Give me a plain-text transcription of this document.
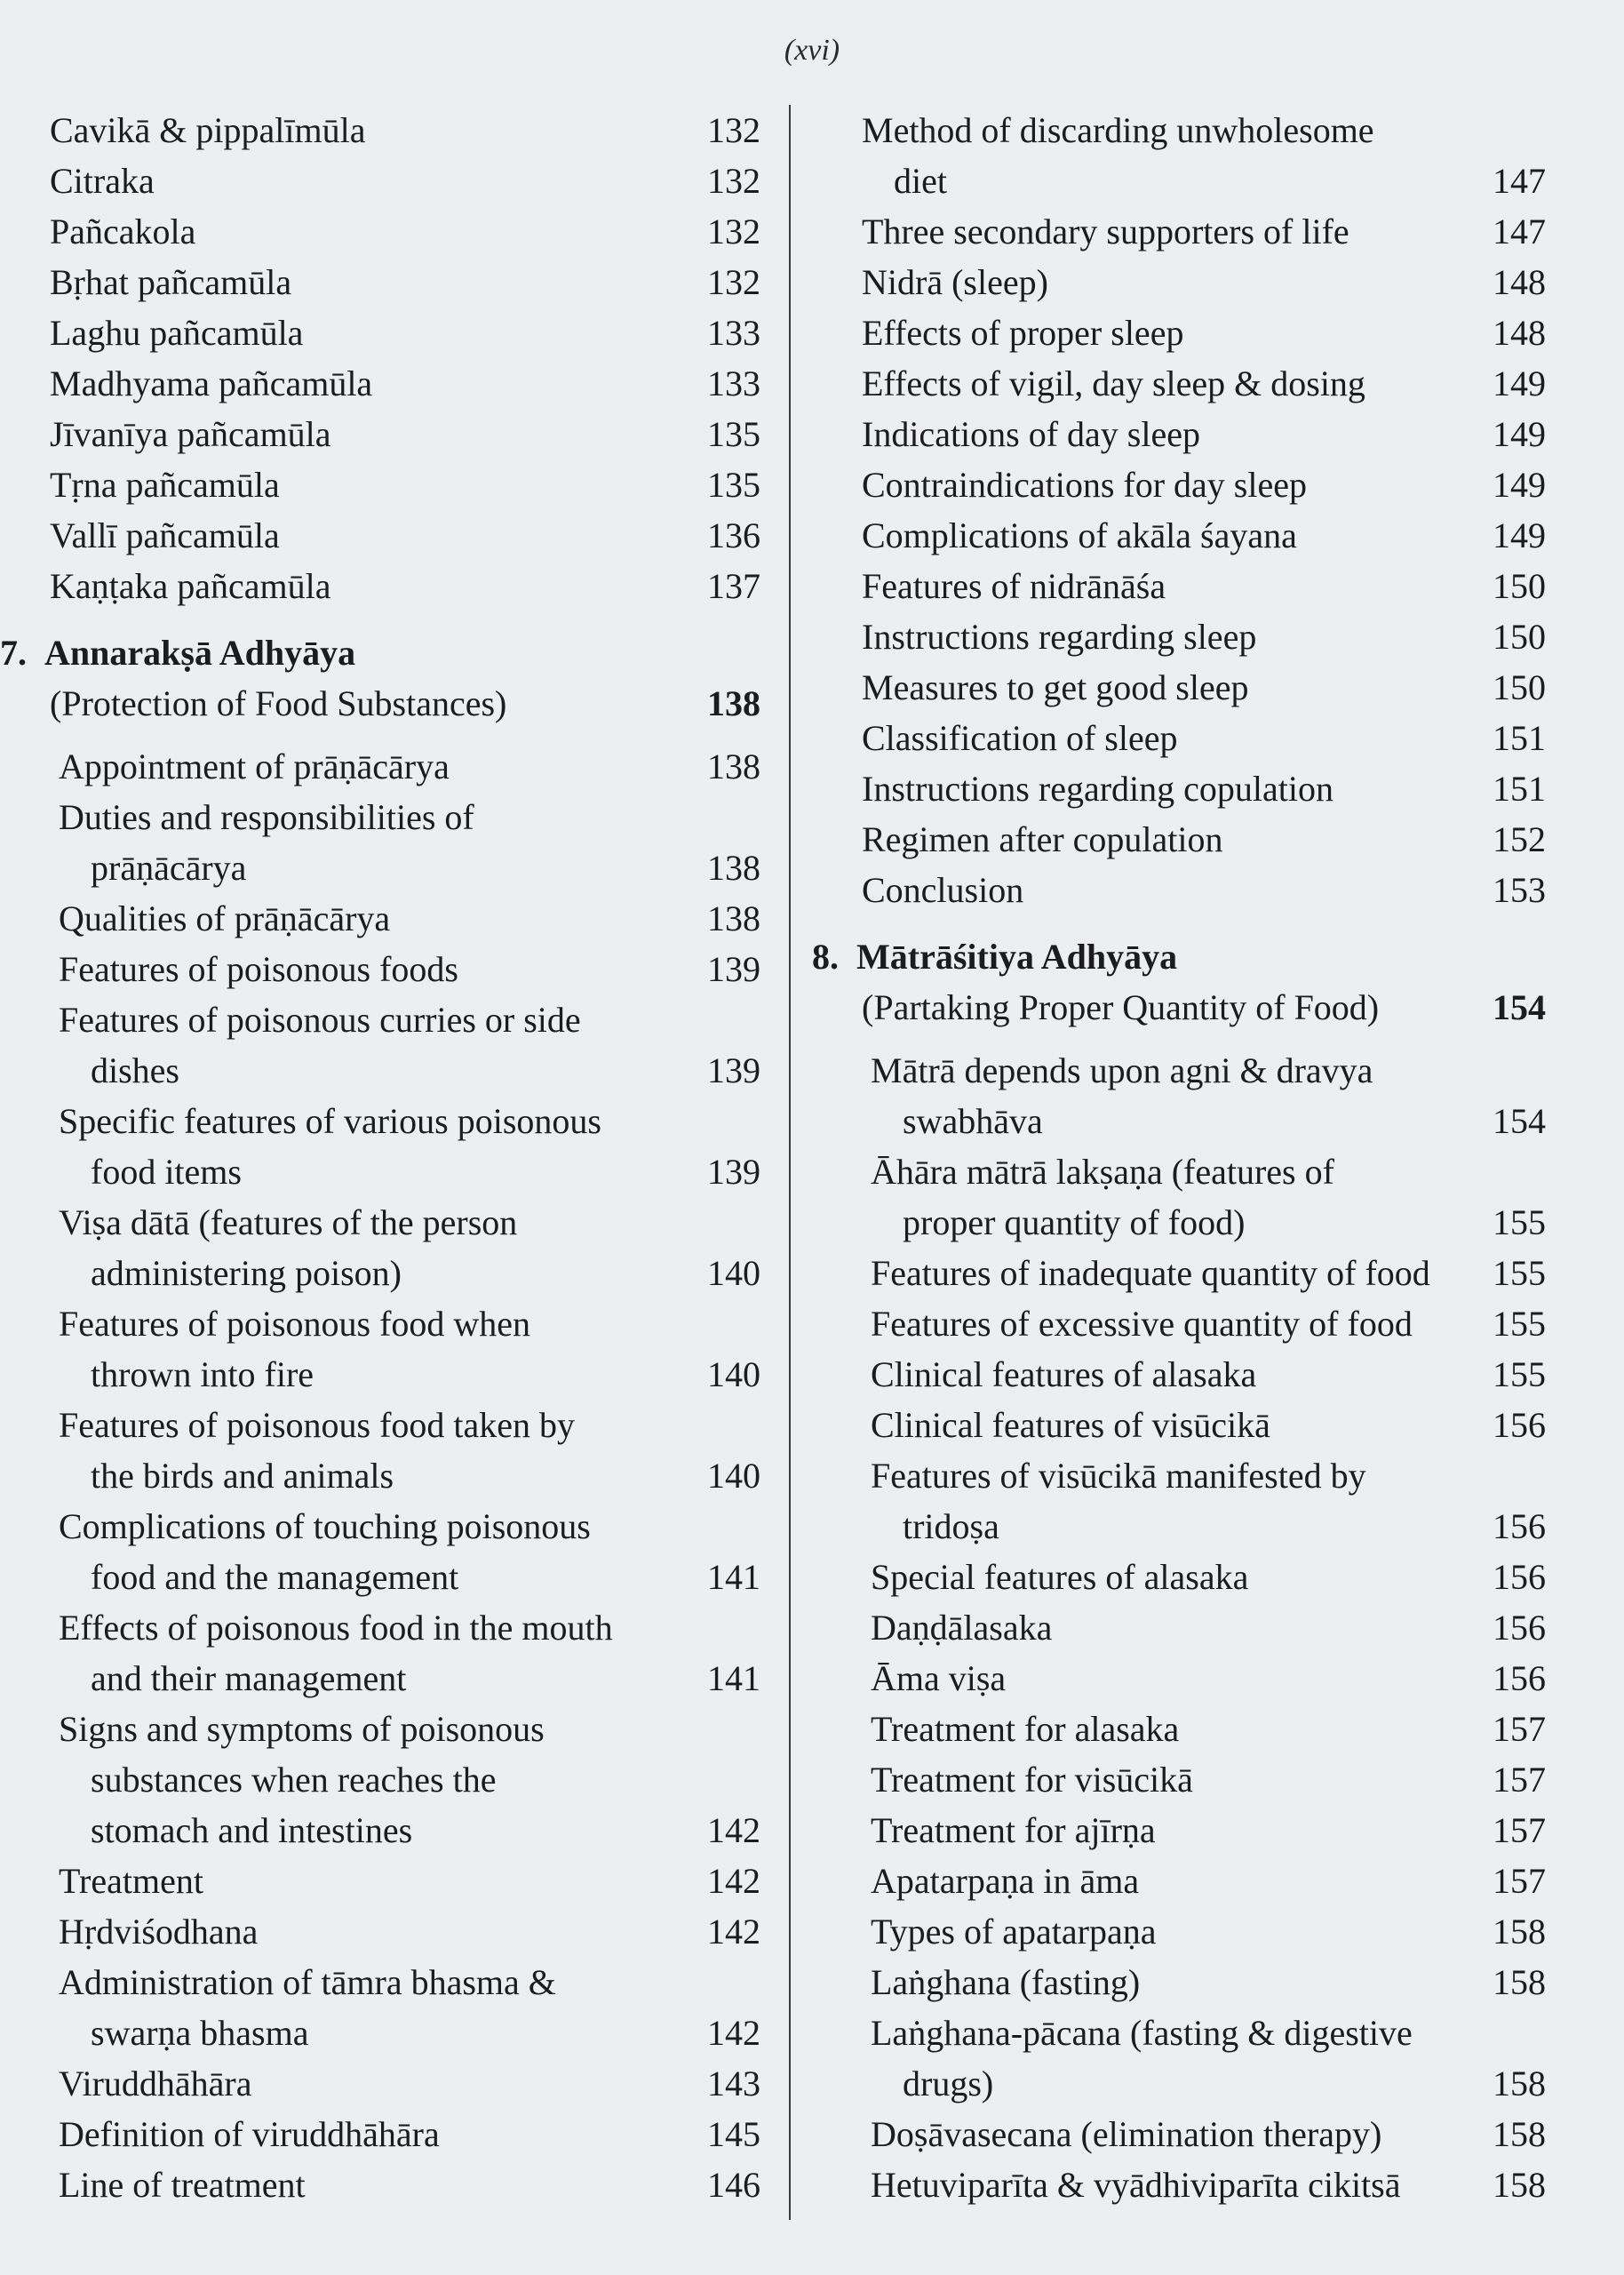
(xvi)
Cavikā & pippalīmūla	132
Citraka	132
Pañcakola	132
Bṛhat pañcamūla	132
Laghu pañcamūla	133
Madhyama pañcamūla	133
Jīvanīya pañcamūla	135
Tṛna pañcamūla	135
Vallī pañcamūla	136
Kaṇṭaka pañcamūla	137
7. Annarakṣā Adhyāya
(Protection of Food Substances)	138
Appointment of prāṇācārya	138
Duties and responsibilities of
prāṇācārya	138
Qualities of prāṇācārya	138
Features of poisonous foods	139
Features of poisonous curries or side
dishes	139
Specific features of various poisonous
food items	139
Viṣa dātā (features of the person
administering poison)	140
Features of poisonous food when
thrown into fire	140
Features of poisonous food taken by
the birds and animals	140
Complications of touching poisonous
food and the management	141
Effects of poisonous food in the mouth
and their management	141
Signs and symptoms of poisonous
substances when reaches the
stomach and intestines	142
Treatment	142
Hṛdviśodhana	142
Administration of tāmra bhasma &
swarṇa bhasma	142
Viruddhāhāra	143
Definition of viruddhāhāra	145
Line of treatment	146
Method of discarding unwholesome
diet	147
Three secondary supporters of life	147
Nidrā (sleep)	148
Effects of proper sleep	148
Effects of vigil, day sleep & dosing	149
Indications of day sleep	149
Contraindications for day sleep	149
Complications of akāla śayana	149
Features of nidrānāśa	150
Instructions regarding sleep	150
Measures to get good sleep	150
Classification of sleep	151
Instructions regarding copulation	151
Regimen after copulation	152
Conclusion	153
8. Mātrāśitiya Adhyāya
(Partaking Proper Quantity of Food)	154
Mātrā depends upon agni & dravya
swabhāva	154
Āhāra mātrā lakṣaṇa (features of
proper quantity of food)	155
Features of inadequate quantity of food	155
Features of excessive quantity of food	155
Clinical features of alasaka	155
Clinical features of visūcikā	156
Features of visūcikā manifested by
tridoṣa	156
Special features of alasaka	156
Daṇḍālasaka	156
Āma viṣa	156
Treatment for alasaka	157
Treatment for visūcikā	157
Treatment for ajīrṇa	157
Apatarpaṇa in āma	157
Types of apatarpaṇa	158
Laṅghana (fasting)	158
Laṅghana-pācana (fasting & digestive
drugs)	158
Doṣāvasecana (elimination therapy)	158
Hetuviparīta & vyādhiviparīta cikitsā	158
